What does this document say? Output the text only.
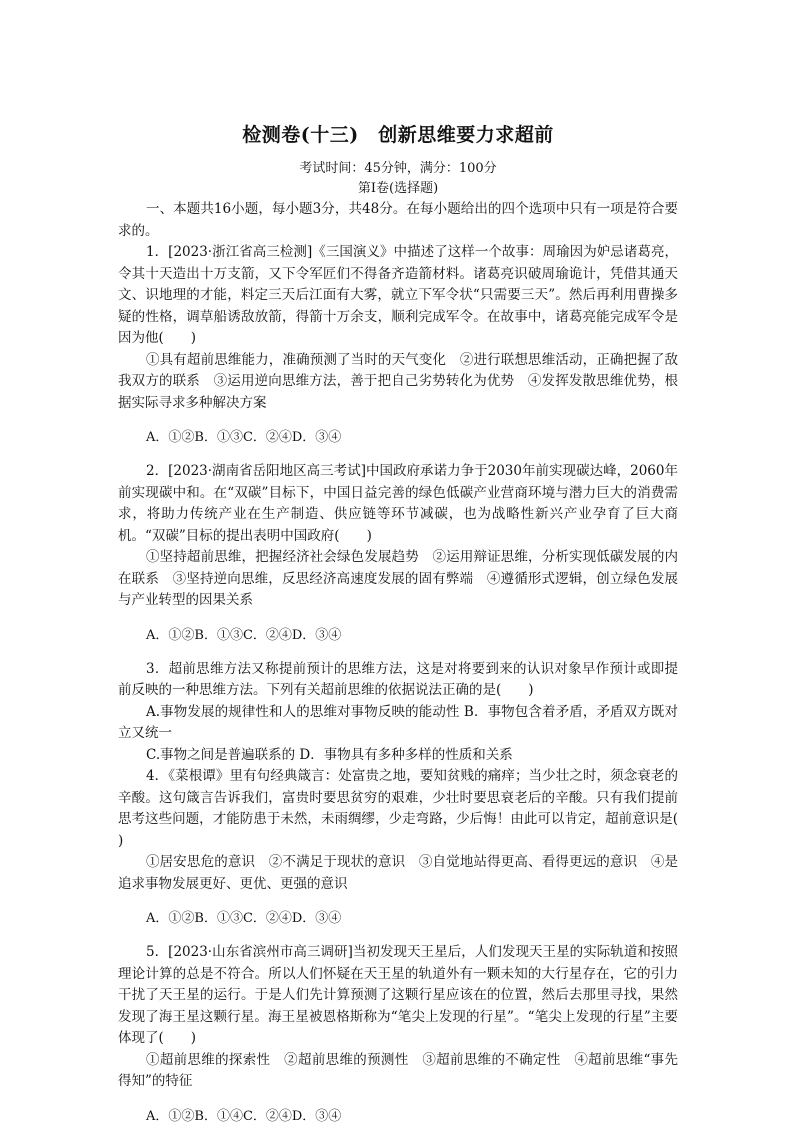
检测卷(十三)　创新思维要力求超前
考试时间：45分钟，满分：100分
第Ⅰ卷(选择题)

一、本题共16小题，每小题3分，共48分。在每小题给出的四个选项中只有一项是符合要求的。

1．[2023·浙江省高三检测]《三国演义》中描述了这样一个故事：周瑜因为妒忌诸葛亮，令其十天造出十万支箭，又下令军匠们不得备齐造箭材料。诸葛亮识破周瑜诡计，凭借其通天文、识地理的才能，料定三天后江面有大雾，就立下军令状“只需要三天”。然后再利用曹操多疑的性格，调草船诱敌放箭，得箭十万余支，顺利完成军令。在故事中，诸葛亮能完成军令是因为他(　　)

①具有超前思维能力，准确预测了当时的天气变化　②进行联想思维活动，正确把握了敌我双方的联系　③运用逆向思维方法，善于把自己劣势转化为优势　④发挥发散思维优势，根据实际寻求多种解决方案

A．①②B．①③C．②④D．③④

2．[2023·湖南省岳阳地区高三考试]中国政府承诺力争于2030年前实现碳达峰，2060年前实现碳中和。在“双碳”目标下，中国日益完善的绿色低碳产业营商环境与潜力巨大的消费需求，将助力传统产业在生产制造、供应链等环节减碳，也为战略性新兴产业孕育了巨大商机。“双碳”目标的提出表明中国政府(　　)

①坚持超前思维，把握经济社会绿色发展趋势　②运用辩证思维，分析实现低碳发展的内在联系　③坚持逆向思维，反思经济高速度发展的固有弊端　④遵循形式逻辑，创立绿色发展与产业转型的因果关系

A．①②B．①③C．②④D．③④

3．超前思维方法又称提前预计的思维方法，这是对将要到来的认识对象早作预计或即提前反映的一种思维方法。下列有关超前思维的依据说法正确的是(　　)

A.事物发展的规律性和人的思维对事物反映的能动性 B．事物包含着矛盾，矛盾双方既对立又统一

C.事物之间是普遍联系的 D．事物具有多种多样的性质和关系

4．《菜根谭》里有句经典箴言：处富贵之地，要知贫贱的痛痒；当少壮之时，须念衰老的辛酸。这句箴言告诉我们，富贵时要思贫穷的艰难，少壮时要思衰老后的辛酸。只有我们提前思考这些问题，才能防患于未然，未雨绸缪，少走弯路，少后悔！由此可以肯定，超前意识是(　　)

①居安思危的意识　②不满足于现状的意识　③自觉地站得更高、看得更远的意识　④是追求事物发展更好、更优、更强的意识

A．①②B．①③C．②④D．③④

5．[2023·山东省滨州市高三调研]当初发现天王星后，人们发现天王星的实际轨道和按照理论计算的总是不符合。所以人们怀疑在天王星的轨道外有一颗未知的大行星存在，它的引力干扰了天王星的运行。于是人们先计算预测了这颗行星应该在的位置，然后去那里寻找，果然发现了海王星这颗行星。海王星被恩格斯称为“笔尖上发现的行星”。“笔尖上发现的行星”主要体现了(　　)

①超前思维的探索性　②超前思维的预测性　③超前思维的不确定性　④超前思维“事先得知”的特征

A．①②B．①④C．②④D．③④
